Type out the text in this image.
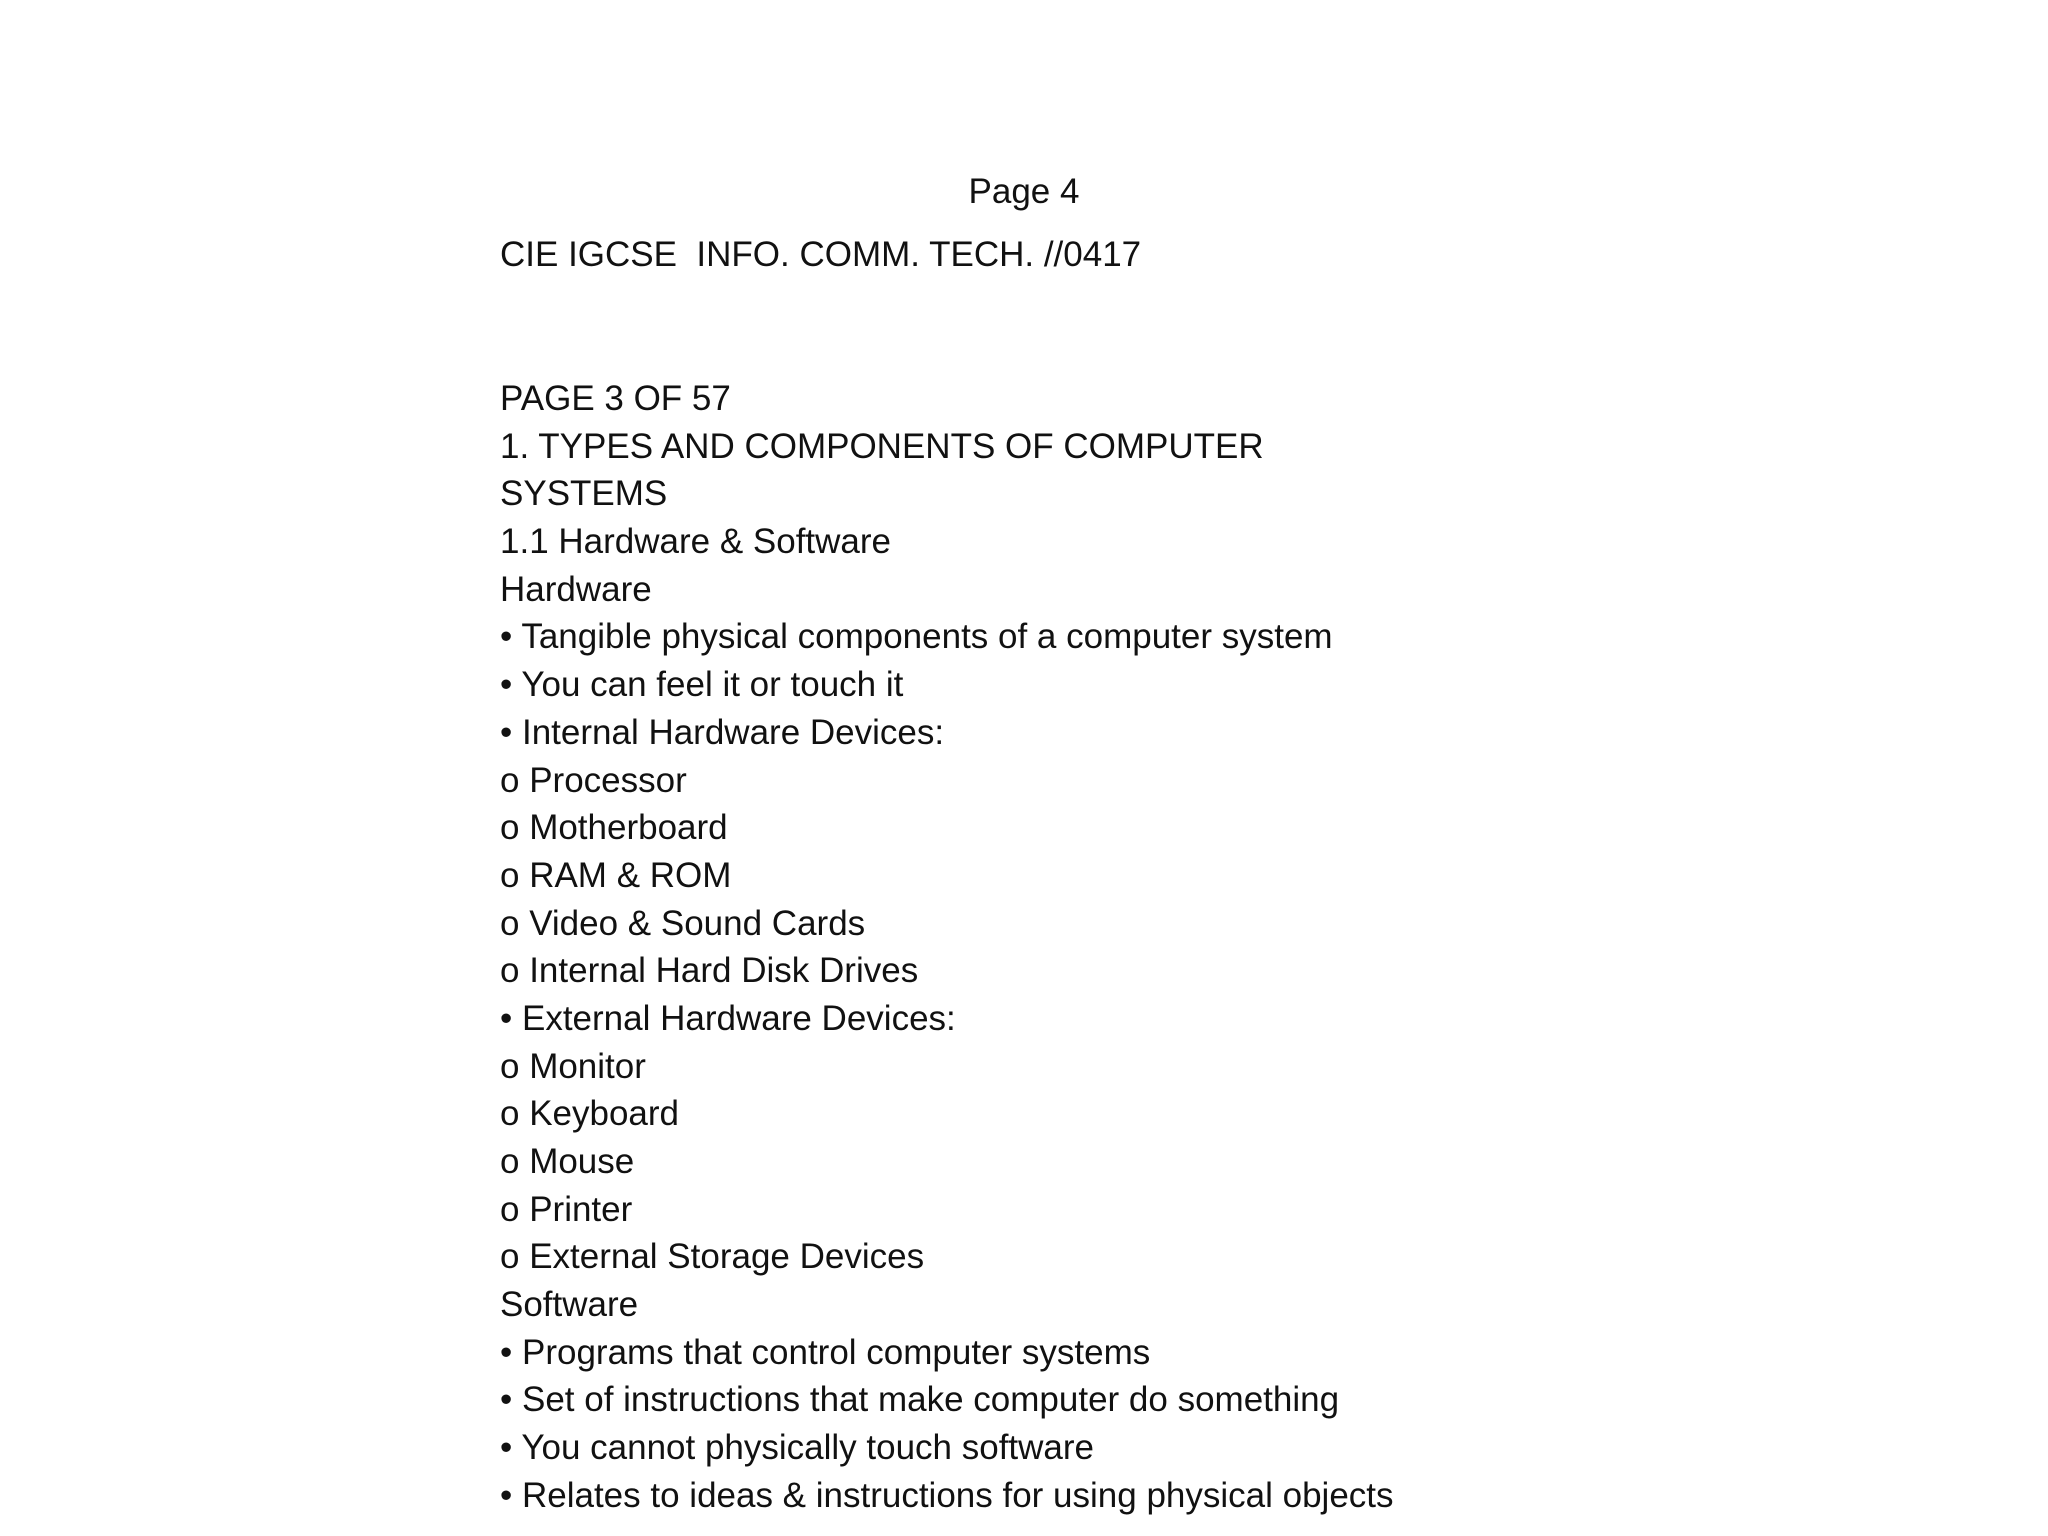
Page 4
CIE IGCSE  INFO. COMM. TECH. //0417
PAGE 3 OF 57
1. TYPES AND COMPONENTS OF COMPUTER
SYSTEMS
1.1 Hardware & Software
Hardware
• Tangible physical components of a computer system
• You can feel it or touch it
• Internal Hardware Devices:
o Processor
o Motherboard
o RAM & ROM
o Video & Sound Cards
o Internal Hard Disk Drives
• External Hardware Devices:
o Monitor
o Keyboard
o Mouse
o Printer
o External Storage Devices
Software
• Programs that control computer systems
• Set of instructions that make computer do something
• You cannot physically touch software
• Relates to ideas & instructions for using physical objects
